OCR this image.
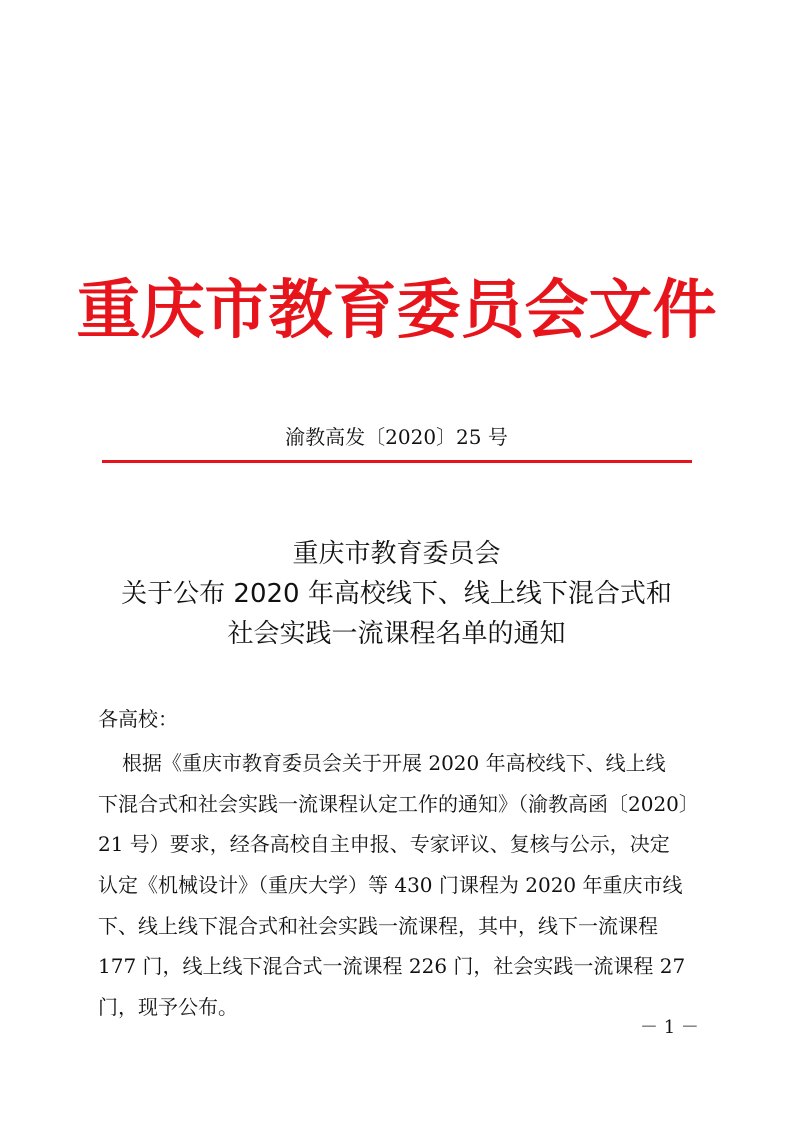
重庆市教育委员会文件
渝教高发〔2020〕25 号
重庆市教育委员会
关于公布 2020 年高校线下、线上线下混合式和
社会实践一流课程名单的通知
各高校：
根据《重庆市教育委员会关于开展 2020 年高校线下、线上线
下混合式和社会实践一流课程认定工作的通知》（渝教高函〔2020〕
21 号）要求，经各高校自主申报、专家评议、复核与公示，决定
认定《机械设计》（重庆大学）等 430 门课程为 2020 年重庆市线
下、线上线下混合式和社会实践一流课程，其中，线下一流课程
177 门，线上线下混合式一流课程 226 门，社会实践一流课程 27
门，现予公布。
－ 1 －
